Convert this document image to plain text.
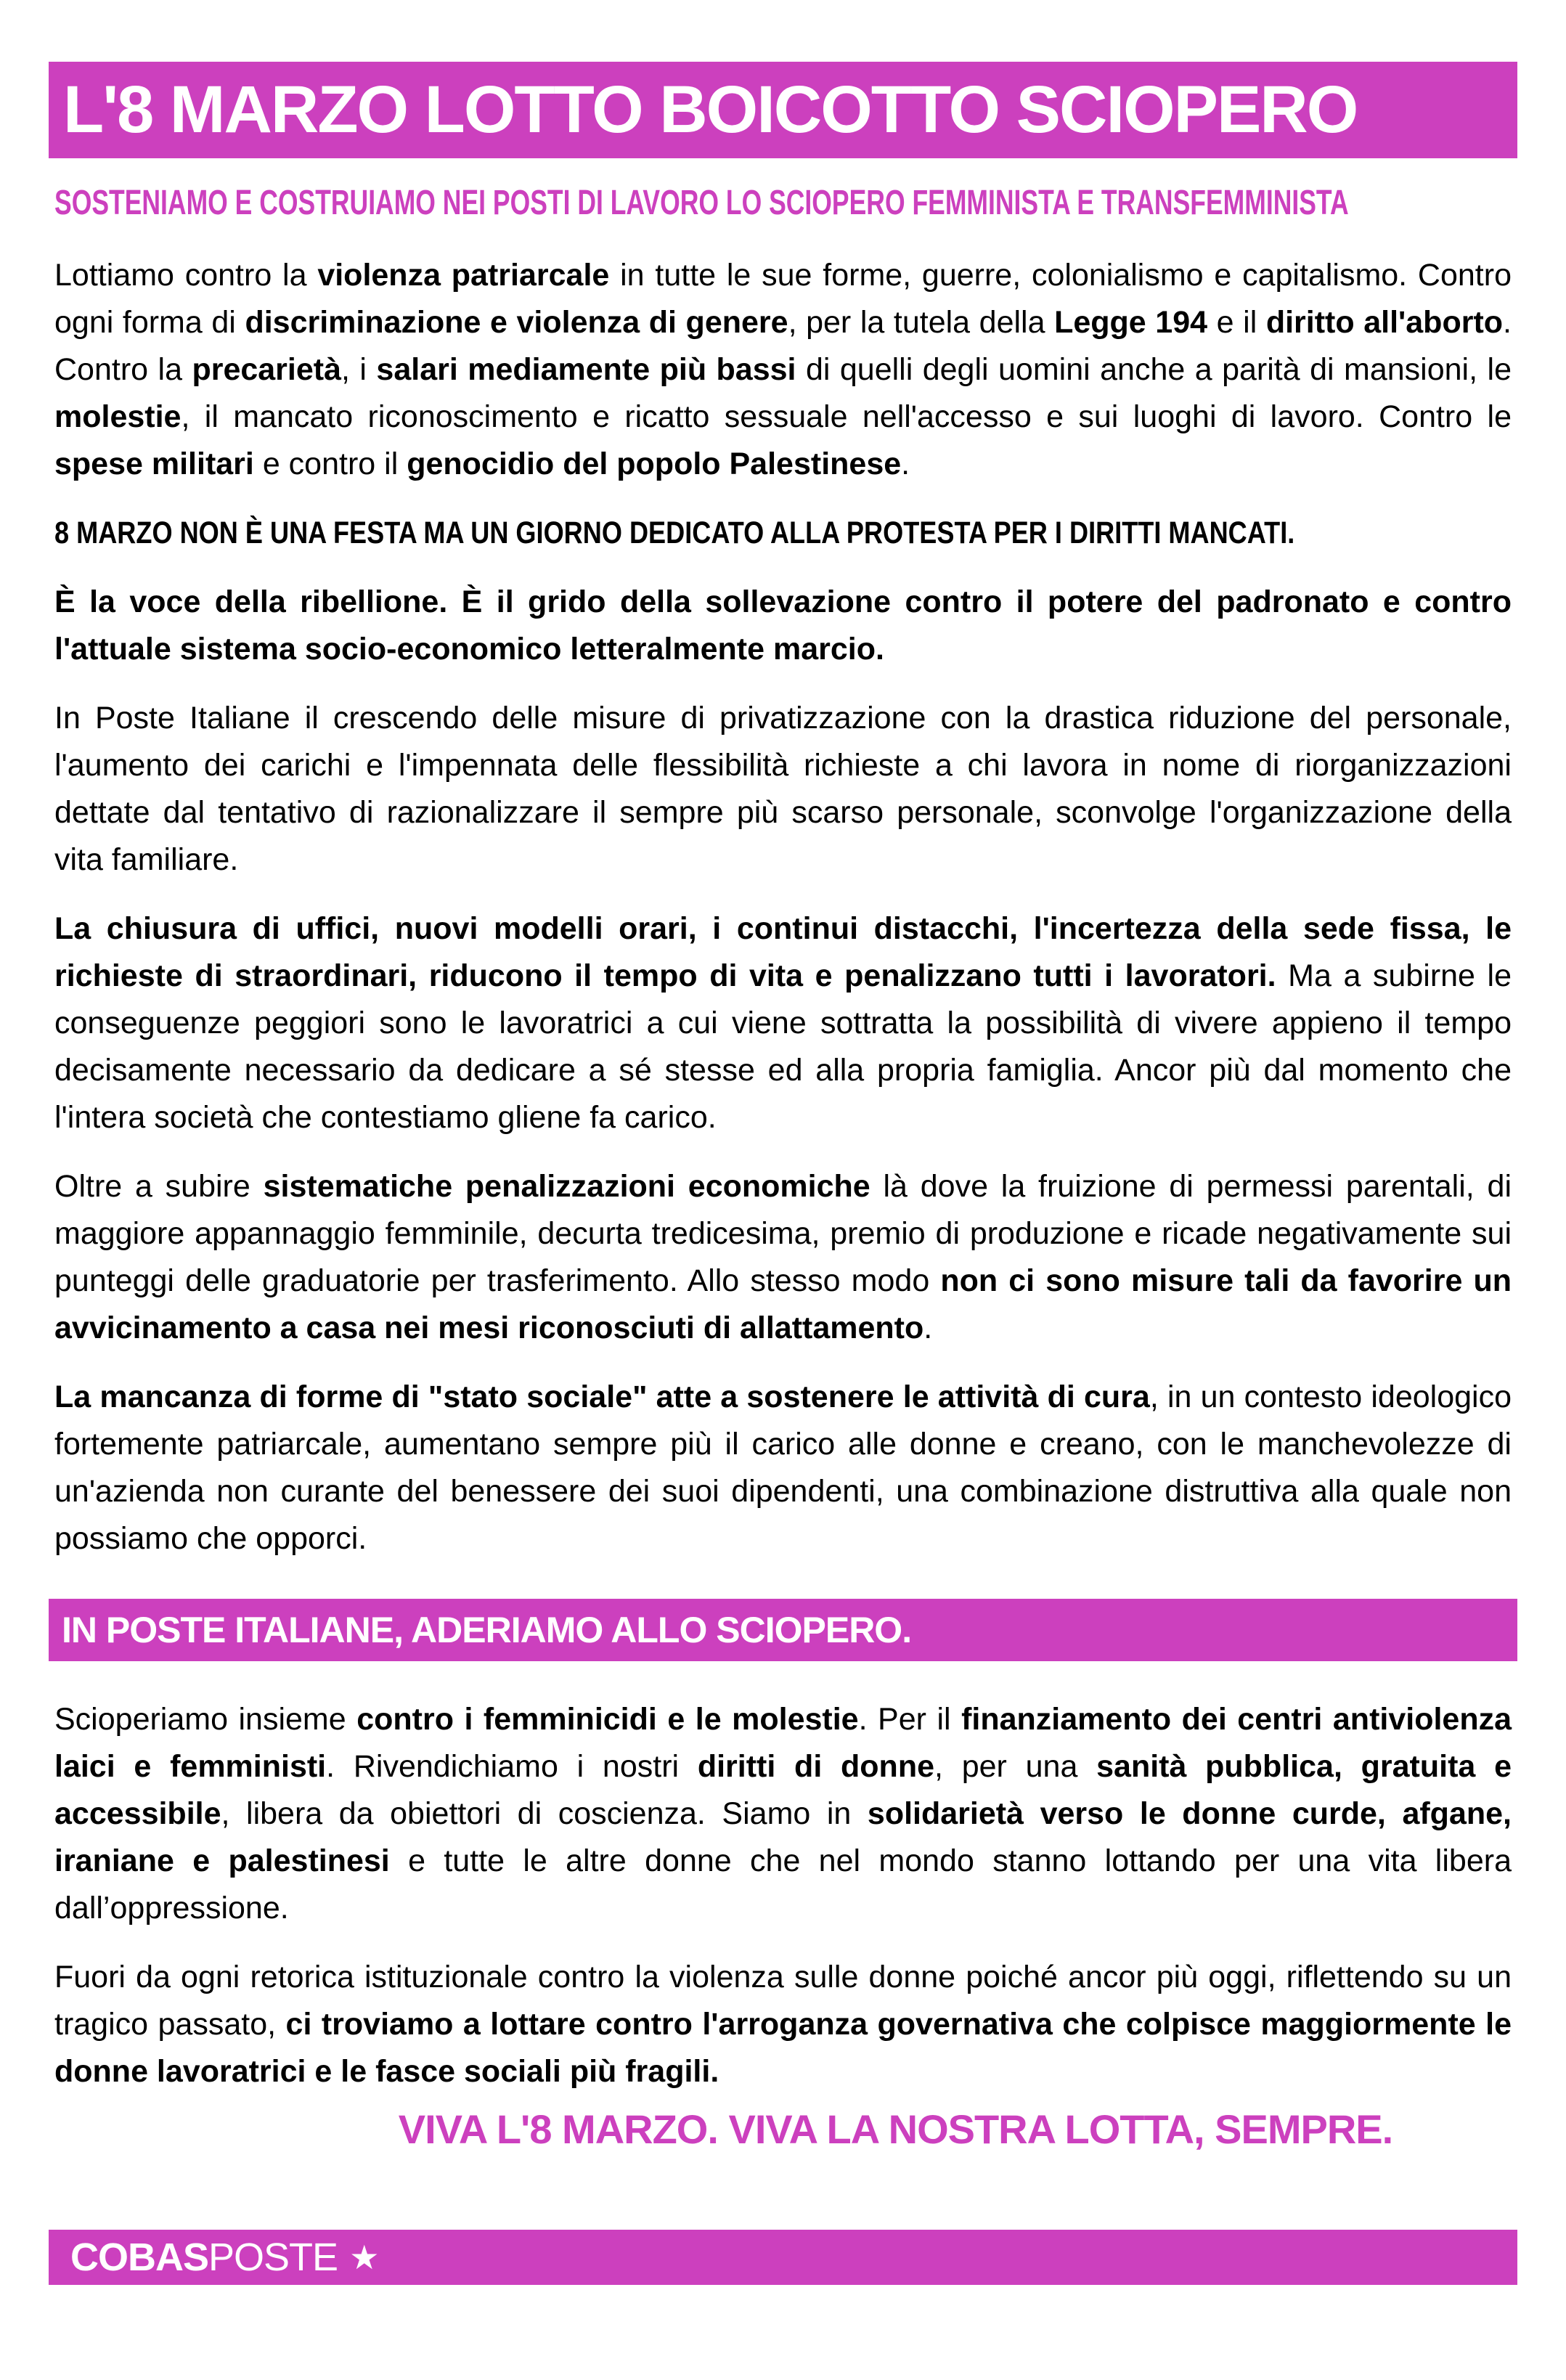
L'8 MARZO LOTTO BOICOTTO SCIOPERO
SOSTENIAMO E COSTRUIAMO NEI POSTI DI LAVORO LO SCIOPERO FEMMINISTA E TRANSFEMMINISTA

Lottiamo contro la violenza patriarcale in tutte le sue forme, guerre, colonialismo e capitalismo. Contro ogni forma di discriminazione e violenza di genere, per la tutela della Legge 194 e il diritto all'aborto. Contro la precarietà, i salari mediamente più bassi di quelli degli uomini anche a parità di mansioni, le molestie, il mancato riconoscimento e ricatto sessuale nell'accesso e sui luoghi di lavoro. Contro le spese militari e contro il genocidio del popolo Palestinese.

8 MARZO NON È UNA FESTA MA UN GIORNO DEDICATO ALLA PROTESTA PER I DIRITTI MANCATI.

È la voce della ribellione. È il grido della sollevazione contro il potere del padronato e contro l'attuale sistema socio-economico letteralmente marcio.

In Poste Italiane il crescendo delle misure di privatizzazione con la drastica riduzione del personale, l'aumento dei carichi e l'impennata delle flessibilità richieste a chi lavora in nome di riorganizzazioni dettate dal tentativo di razionalizzare il sempre più scarso personale, sconvolge l'organizzazione della vita familiare.

La chiusura di uffici, nuovi modelli orari, i continui distacchi, l'incertezza della sede fissa, le richieste di straordinari, riducono il tempo di vita e penalizzano tutti i lavoratori. Ma a subirne le conseguenze peggiori sono le lavoratrici a cui viene sottratta la possibilità di vivere appieno il tempo decisamente necessario da dedicare a sé stesse ed alla propria famiglia. Ancor più dal momento che l'intera società che contestiamo gliene fa carico.

Oltre a subire sistematiche penalizzazioni economiche là dove la fruizione di permessi parentali, di maggiore appannaggio femminile, decurta tredicesima, premio di produzione e ricade negativamente sui punteggi delle graduatorie per trasferimento. Allo stesso modo non ci sono misure tali da favorire un avvicinamento a casa nei mesi riconosciuti di allattamento.

La mancanza di forme di "stato sociale" atte a sostenere le attività di cura, in un contesto ideologico fortemente patriarcale, aumentano sempre più il carico alle donne e creano, con le manchevolezze di un'azienda non curante del benessere dei suoi dipendenti, una combinazione distruttiva alla quale non possiamo che opporci.

IN POSTE ITALIANE, ADERIAMO ALLO SCIOPERO.

Scioperiamo insieme contro i femminicidi e le molestie. Per il finanziamento dei centri antiviolenza laici e femministi. Rivendichiamo i nostri diritti di donne, per una sanità pubblica, gratuita e accessibile, libera da obiettori di coscienza. Siamo in solidarietà verso le donne curde, afgane, iraniane e palestinesi e tutte le altre donne che nel mondo stanno lottando per una vita libera dall’oppressione.

Fuori da ogni retorica istituzionale contro la violenza sulle donne poiché ancor più oggi, riflettendo su un tragico passato, ci troviamo a lottare contro l'arroganza governativa che colpisce maggiormente le donne lavoratrici e le fasce sociali più fragili.

VIVA L'8 MARZO. VIVA LA NOSTRA LOTTA, SEMPRE.
COBAS POSTE ★
